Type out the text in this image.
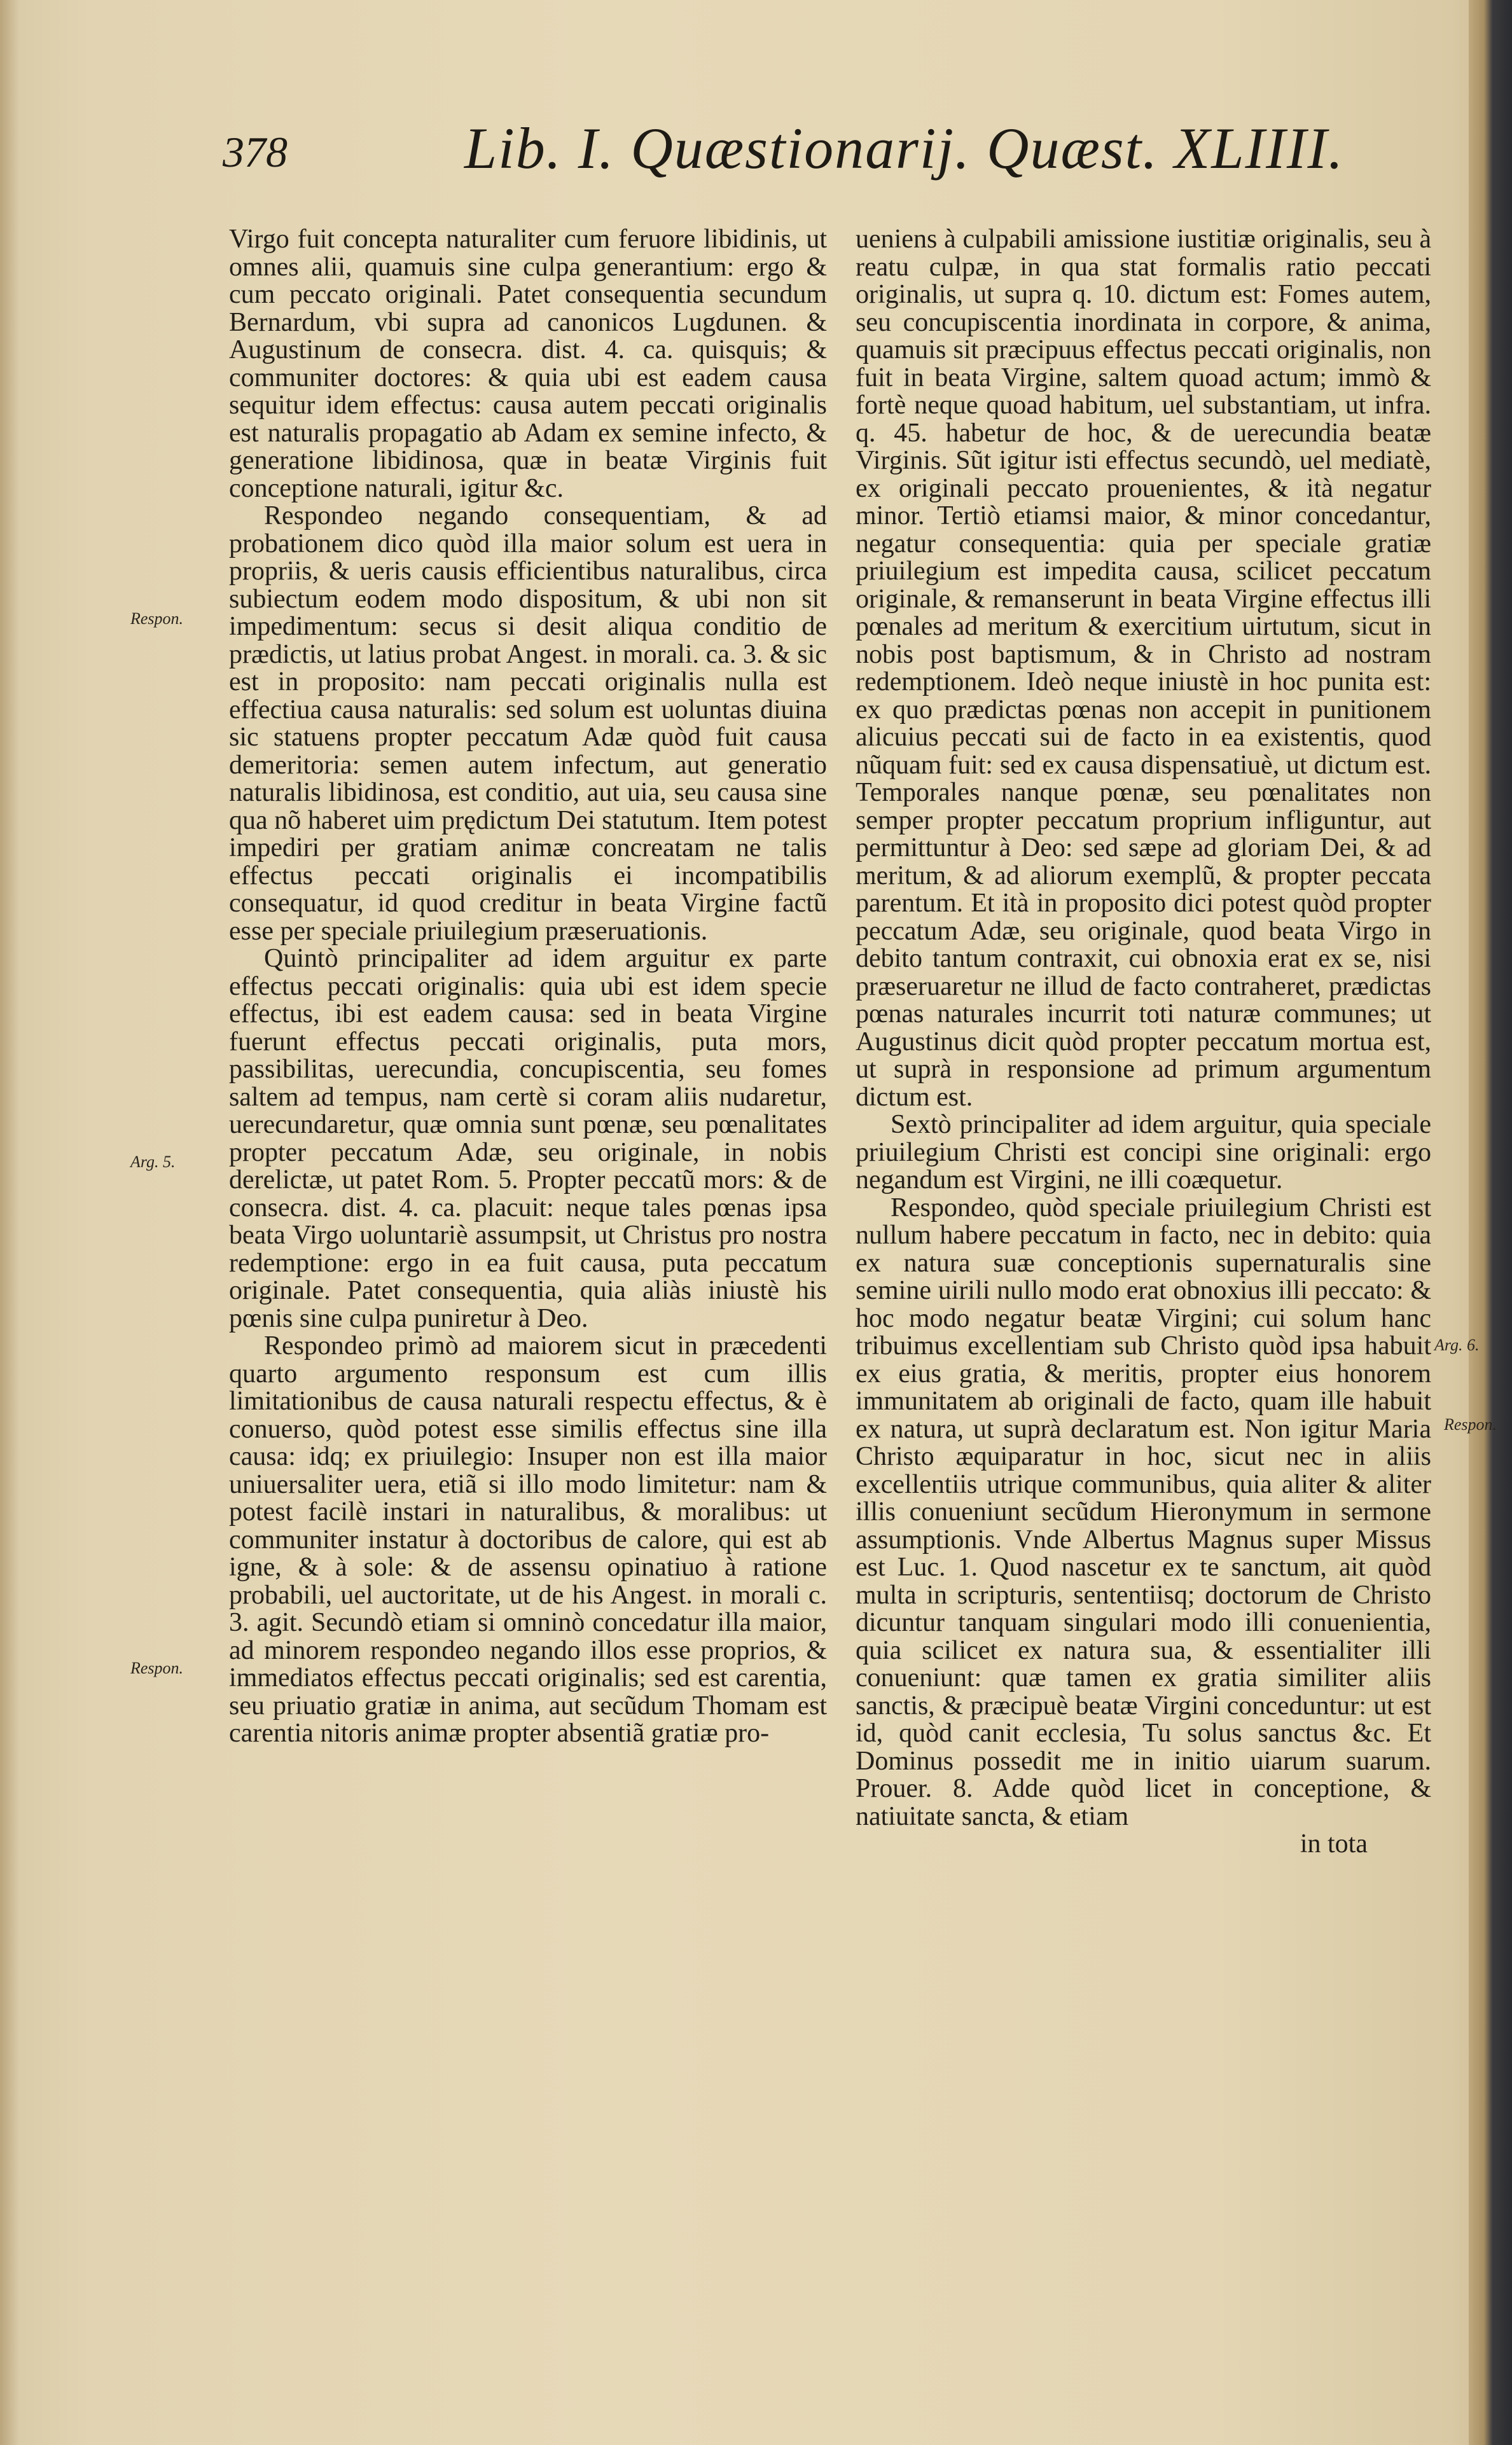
378	Lib. I. Quæstionarij. Quæst. XLIIII.
Respon.
Arg. 5.
Respon.
Arg. 6.
Respon.

Virgo fuit concepta naturaliter cum feruore libidinis, ut omnes alii, quamuis sine culpa generantium: ergo & cum peccato originali. Patet consequentia secundum Bernardum, vbi supra ad canonicos Lugdunen. & Augustinum de consecra. dist. 4. ca. quisquis; & communiter doctores: & quia ubi est eadem causa sequitur idem effectus: causa autem peccati originalis est naturalis propagatio ab Adam ex semine infecto, & generatione libidinosa, quæ in beatæ Virginis fuit conceptione naturali, igitur &c.

Respondeo negando consequentiam, & ad probationem dico quòd illa maior solum est uera in propriis, & ueris causis efficientibus naturalibus, circa subiectum eodem modo dispositum, & ubi non sit impedimentum: secus si desit aliqua conditio de prædictis, ut latius probat Angest. in morali. ca. 3. & sic est in proposito: nam peccati originalis nulla est effectiua causa naturalis: sed solum est uoluntas diuina sic statuens propter peccatum Adæ quòd fuit causa demeritoria: semen autem infectum, aut generatio naturalis libidinosa, est conditio, aut uia, seu causa sine qua nõ haberet uim prędictum Dei statutum. Item potest impediri per gratiam animæ concreatam ne talis effectus peccati originalis ei incompatibilis consequatur, id quod creditur in beata Virgine factũ esse per speciale priuilegium præseruationis.

Quintò principaliter ad idem arguitur ex parte effectus peccati originalis: quia ubi est idem specie effectus, ibi est eadem causa: sed in beata Virgine fuerunt effectus peccati originalis, puta mors, passibilitas, uerecundia, concupiscentia, seu fomes saltem ad tempus, nam certè si coram aliis nudaretur, uerecundaretur, quæ omnia sunt pœnæ, seu pœnalitates propter peccatum Adæ, seu originale, in nobis derelictæ, ut patet Rom. 5. Propter peccatũ mors: & de consecra. dist. 4. ca. placuit: neque tales pœnas ipsa beata Virgo uoluntariè assumpsit, ut Christus pro nostra redemptione: ergo in ea fuit causa, puta peccatum originale. Patet consequentia, quia aliàs iniustè his pœnis sine culpa puniretur à Deo.

Respondeo primò ad maiorem sicut in præcedenti quarto argumento responsum est cum illis limitationibus de causa naturali respectu effectus, & è conuerso, quòd potest esse similis effectus sine illa causa: idq; ex priuilegio: Insuper non est illa maior uniuersaliter uera, etiã si illo modo limitetur: nam & potest facilè instari in naturalibus, & moralibus: ut communiter instatur à doctoribus de calore, qui est ab igne, & à sole: & de assensu opinatiuo à ratione probabili, uel auctoritate, ut de his Angest. in morali c. 3. agit. Secundò etiam si omninò concedatur illa maior, ad minorem respondeo negando illos esse proprios, & immediatos effectus peccati originalis; sed est carentia, seu priuatio gratiæ in anima, aut secũdum Thomam est carentia nitoris animæ propter absentiã gratiæ pro-

ueniens à culpabili amissione iustitiæ originalis, seu à reatu culpæ, in qua stat formalis ratio peccati originalis, ut supra q. 10. dictum est: Fomes autem, seu concupiscentia inordinata in corpore, & anima, quamuis sit præcipuus effectus peccati originalis, non fuit in beata Virgine, saltem quoad actum; immò & fortè neque quoad habitum, uel substantiam, ut infra. q. 45. habetur de hoc, & de uerecundia beatæ Virginis. Sũt igitur isti effectus secundò, uel mediatè, ex originali peccato prouenientes, & ità negatur minor. Tertiò etiamsi maior, & minor concedantur, negatur consequentia: quia per speciale gratiæ priuilegium est impedita causa, scilicet peccatum originale, & remanserunt in beata Virgine effectus illi pœnales ad meritum & exercitium uirtutum, sicut in nobis post baptismum, & in Christo ad nostram redemptionem. Ideò neque iniustè in hoc punita est: ex quo prædictas pœnas non accepit in punitionem alicuius peccati sui de facto in ea existentis, quod nũquam fuit: sed ex causa dispensatiuè, ut dictum est. Temporales nanque pœnæ, seu pœnalitates non semper propter peccatum proprium infliguntur, aut permittuntur à Deo: sed sæpe ad gloriam Dei, & ad meritum, & ad aliorum exemplũ, & propter peccata parentum. Et ità in proposito dici potest quòd propter peccatum Adæ, seu originale, quod beata Virgo in debito tantum contraxit, cui obnoxia erat ex se, nisi præseruaretur ne illud de facto contraheret, prædictas pœnas naturales incurrit toti naturæ communes; ut Augustinus dicit quòd propter peccatum mortua est, ut suprà in responsione ad primum argumentum dictum est.

Sextò principaliter ad idem arguitur, quia speciale priuilegium Christi est concipi sine originali: ergo negandum est Virgini, ne illi coæquetur.

Respondeo, quòd speciale priuilegium Christi est nullum habere peccatum in facto, nec in debito: quia ex natura suæ conceptionis supernaturalis sine semine uirili nullo modo erat obnoxius illi peccato: & hoc modo negatur beatæ Virgini; cui solum hanc tribuimus excellentiam sub Christo quòd ipsa habuit ex eius gratia, & meritis, propter eius honorem immunitatem ab originali de facto, quam ille habuit ex natura, ut suprà declaratum est. Non igitur Maria Christo æquiparatur in hoc, sicut nec in aliis excellentiis utrique communibus, quia aliter & aliter illis conueniunt secũdum Hieronymum in sermone assumptionis. Vnde Albertus Magnus super Missus est Luc. 1. Quod nascetur ex te sanctum, ait quòd multa in scripturis, sententiisq; doctorum de Christo dicuntur tanquam singulari modo illi conuenientia, quia scilicet ex natura sua, & essentialiter illi conueniunt: quæ tamen ex gratia similiter aliis sanctis, & præcipuè beatæ Virgini conceduntur: ut est id, quòd canit ecclesia, Tu solus sanctus &c. Et Dominus possedit me in initio uiarum suarum. Prouer. 8. Adde quòd licet in conceptione, & natiuitate sancta, & etiam

in tota
